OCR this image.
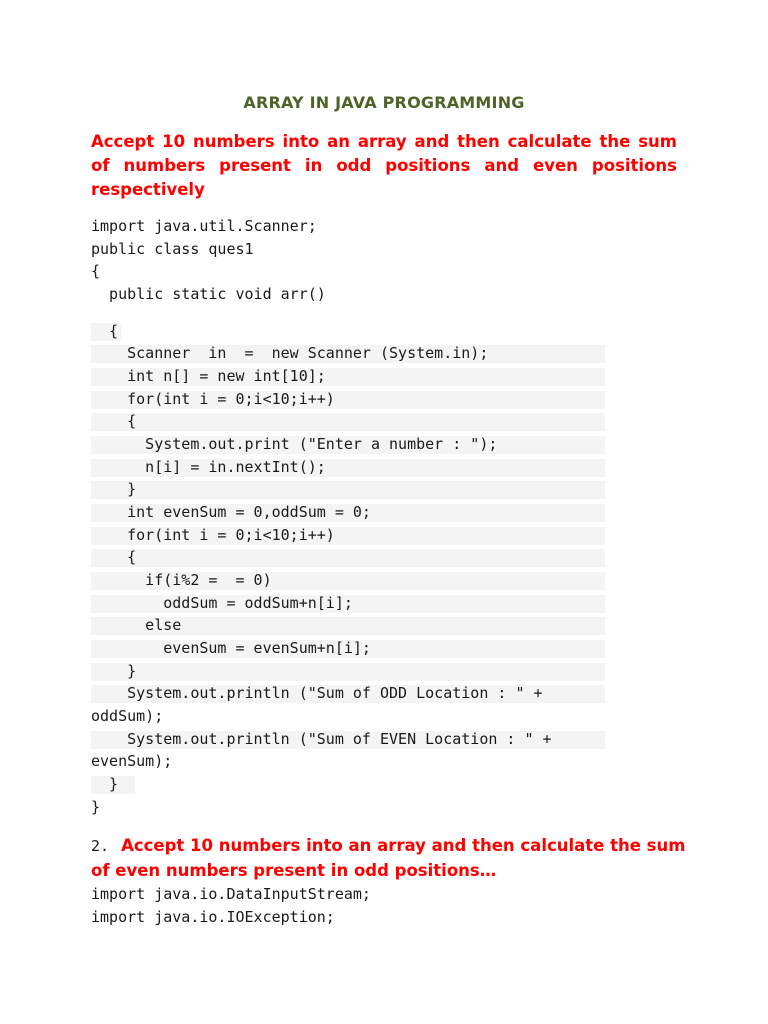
ARRAY IN JAVA PROGRAMMING

Accept 10 numbers into an array and then calculate the sum of numbers present in odd positions and even positions respectively

import java.util.Scanner;
public class ques1
{
public static void arr()
{
Scanner  in  =  new Scanner (System.in);
int n[] = new int[10];
for(int i = 0;i<10;i++)
{
System.out.print ("Enter a number : ");
n[i] = in.nextInt();
}
int evenSum = 0,oddSum = 0;
for(int i = 0;i<10;i++)
{
if(i%2 =  = 0)
oddSum = oddSum+n[i];
else
evenSum = evenSum+n[i];
}
System.out.println ("Sum of ODD Location : " +
oddSum);
System.out.println ("Sum of EVEN Location : " +
evenSum);
}
}
2. Accept 10 numbers into an array and then calculate the sum of even numbers present in odd positions…
import java.io.DataInputStream;
import java.io.IOException;
